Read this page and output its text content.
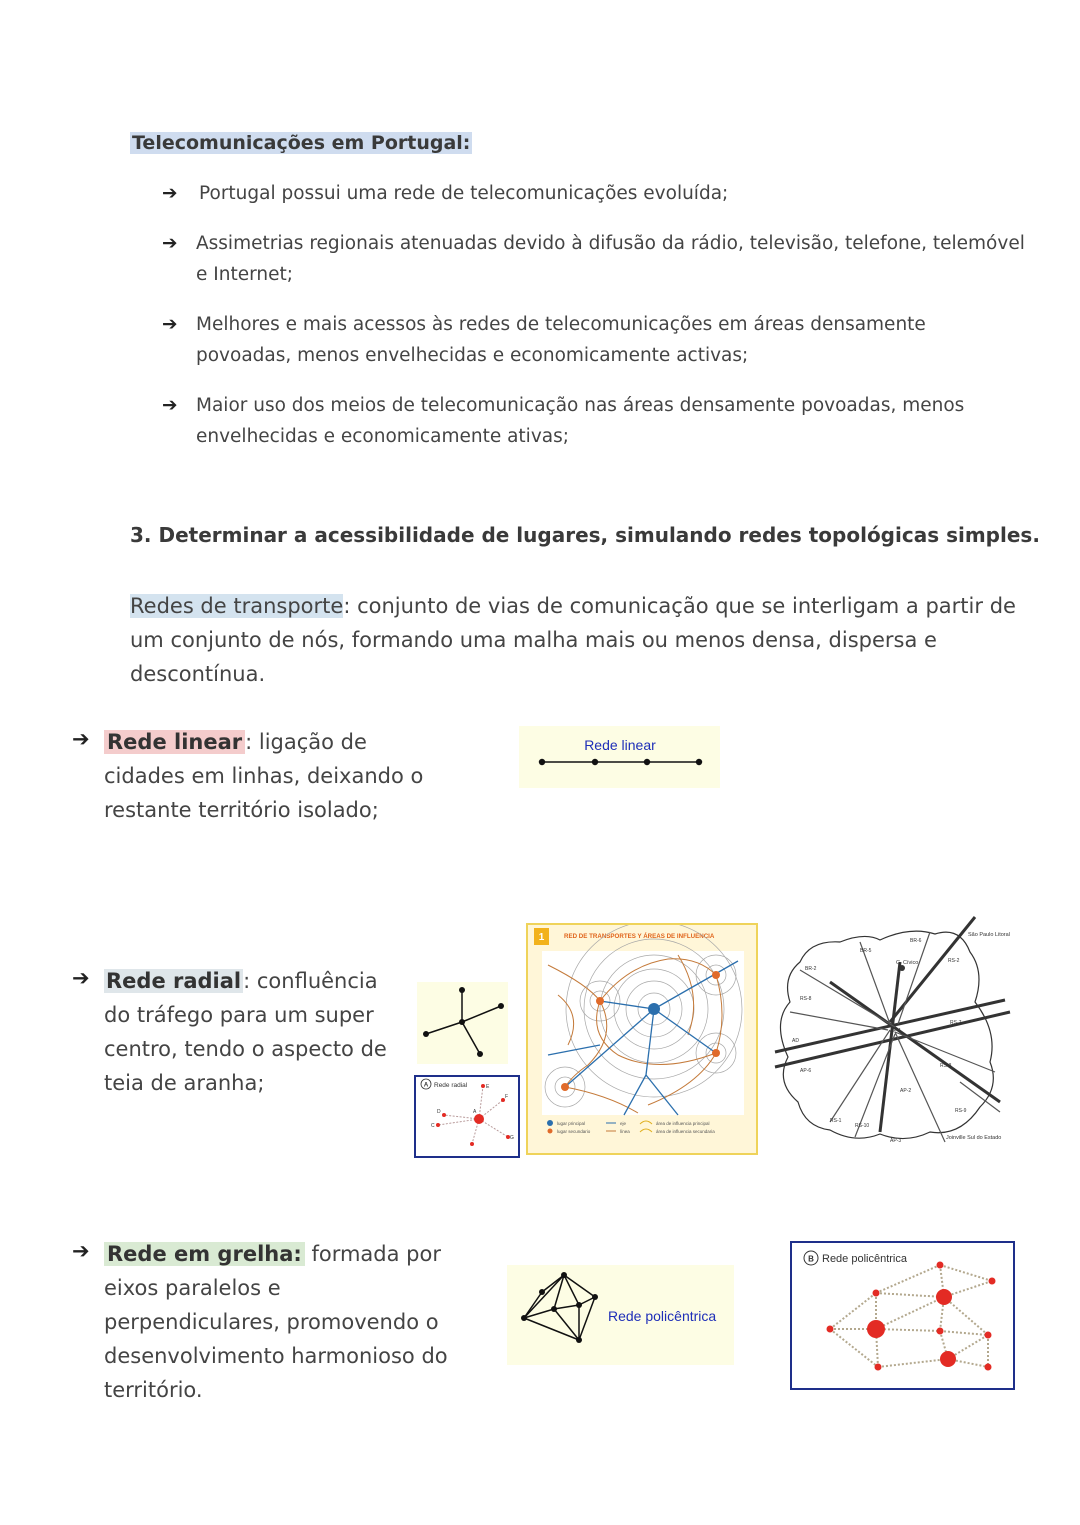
Telecomunicações em Portugal:
➔ Portugal possui uma rede de telecomunicações evoluída;
➔ Assimetrias regionais atenuadas devido à difusão da rádio, televisão, telefone, telemóvel e Internet;
➔ Melhores e mais acessos às redes de telecomunicações em áreas densamente povoadas, menos envelhecidas e economicamente activas;
➔ Maior uso dos meios de telecomunicação nas áreas densamente povoadas, menos envelhecidas e economicamente ativas;
3. Determinar a acessibilidade de lugares, simulando redes topológicas simples.
Redes de transporte: conjunto de vias de comunicação que se interligam a partir de um conjunto de nós, formando uma malha mais ou menos densa, dispersa e descontínua.
➔ Rede linear : ligação de cidades em linhas, deixando o restante território isolado;
Rede linear
➔ Rede radial: confluência do tráfego para um super centro, tendo o aspecto de teia de aranha;	A Rede radial
A
E
F
D
C
G
1	RED DE TRANSPORTES Y ÁREAS DE INFLUENCIA
lugar principal
lugar secundario
eje
línea
área de influencia principal
área de influencia secundaria
São Paulo Litoral
C. Cívico
Joinville Sul do Estado
BR-2
RS-8
AD
AP-6
RS-7
RS-8
AP-2
AP-3
RS-1
RS-10
AP-1
RS-9
BR-5
BR-6
RS-2
➔ Rede em grelha: formada por eixos paralelos e perpendiculares, promovendo o desenvolvimento harmonioso do território.
Rede policêntrica
B Rede policêntrica
